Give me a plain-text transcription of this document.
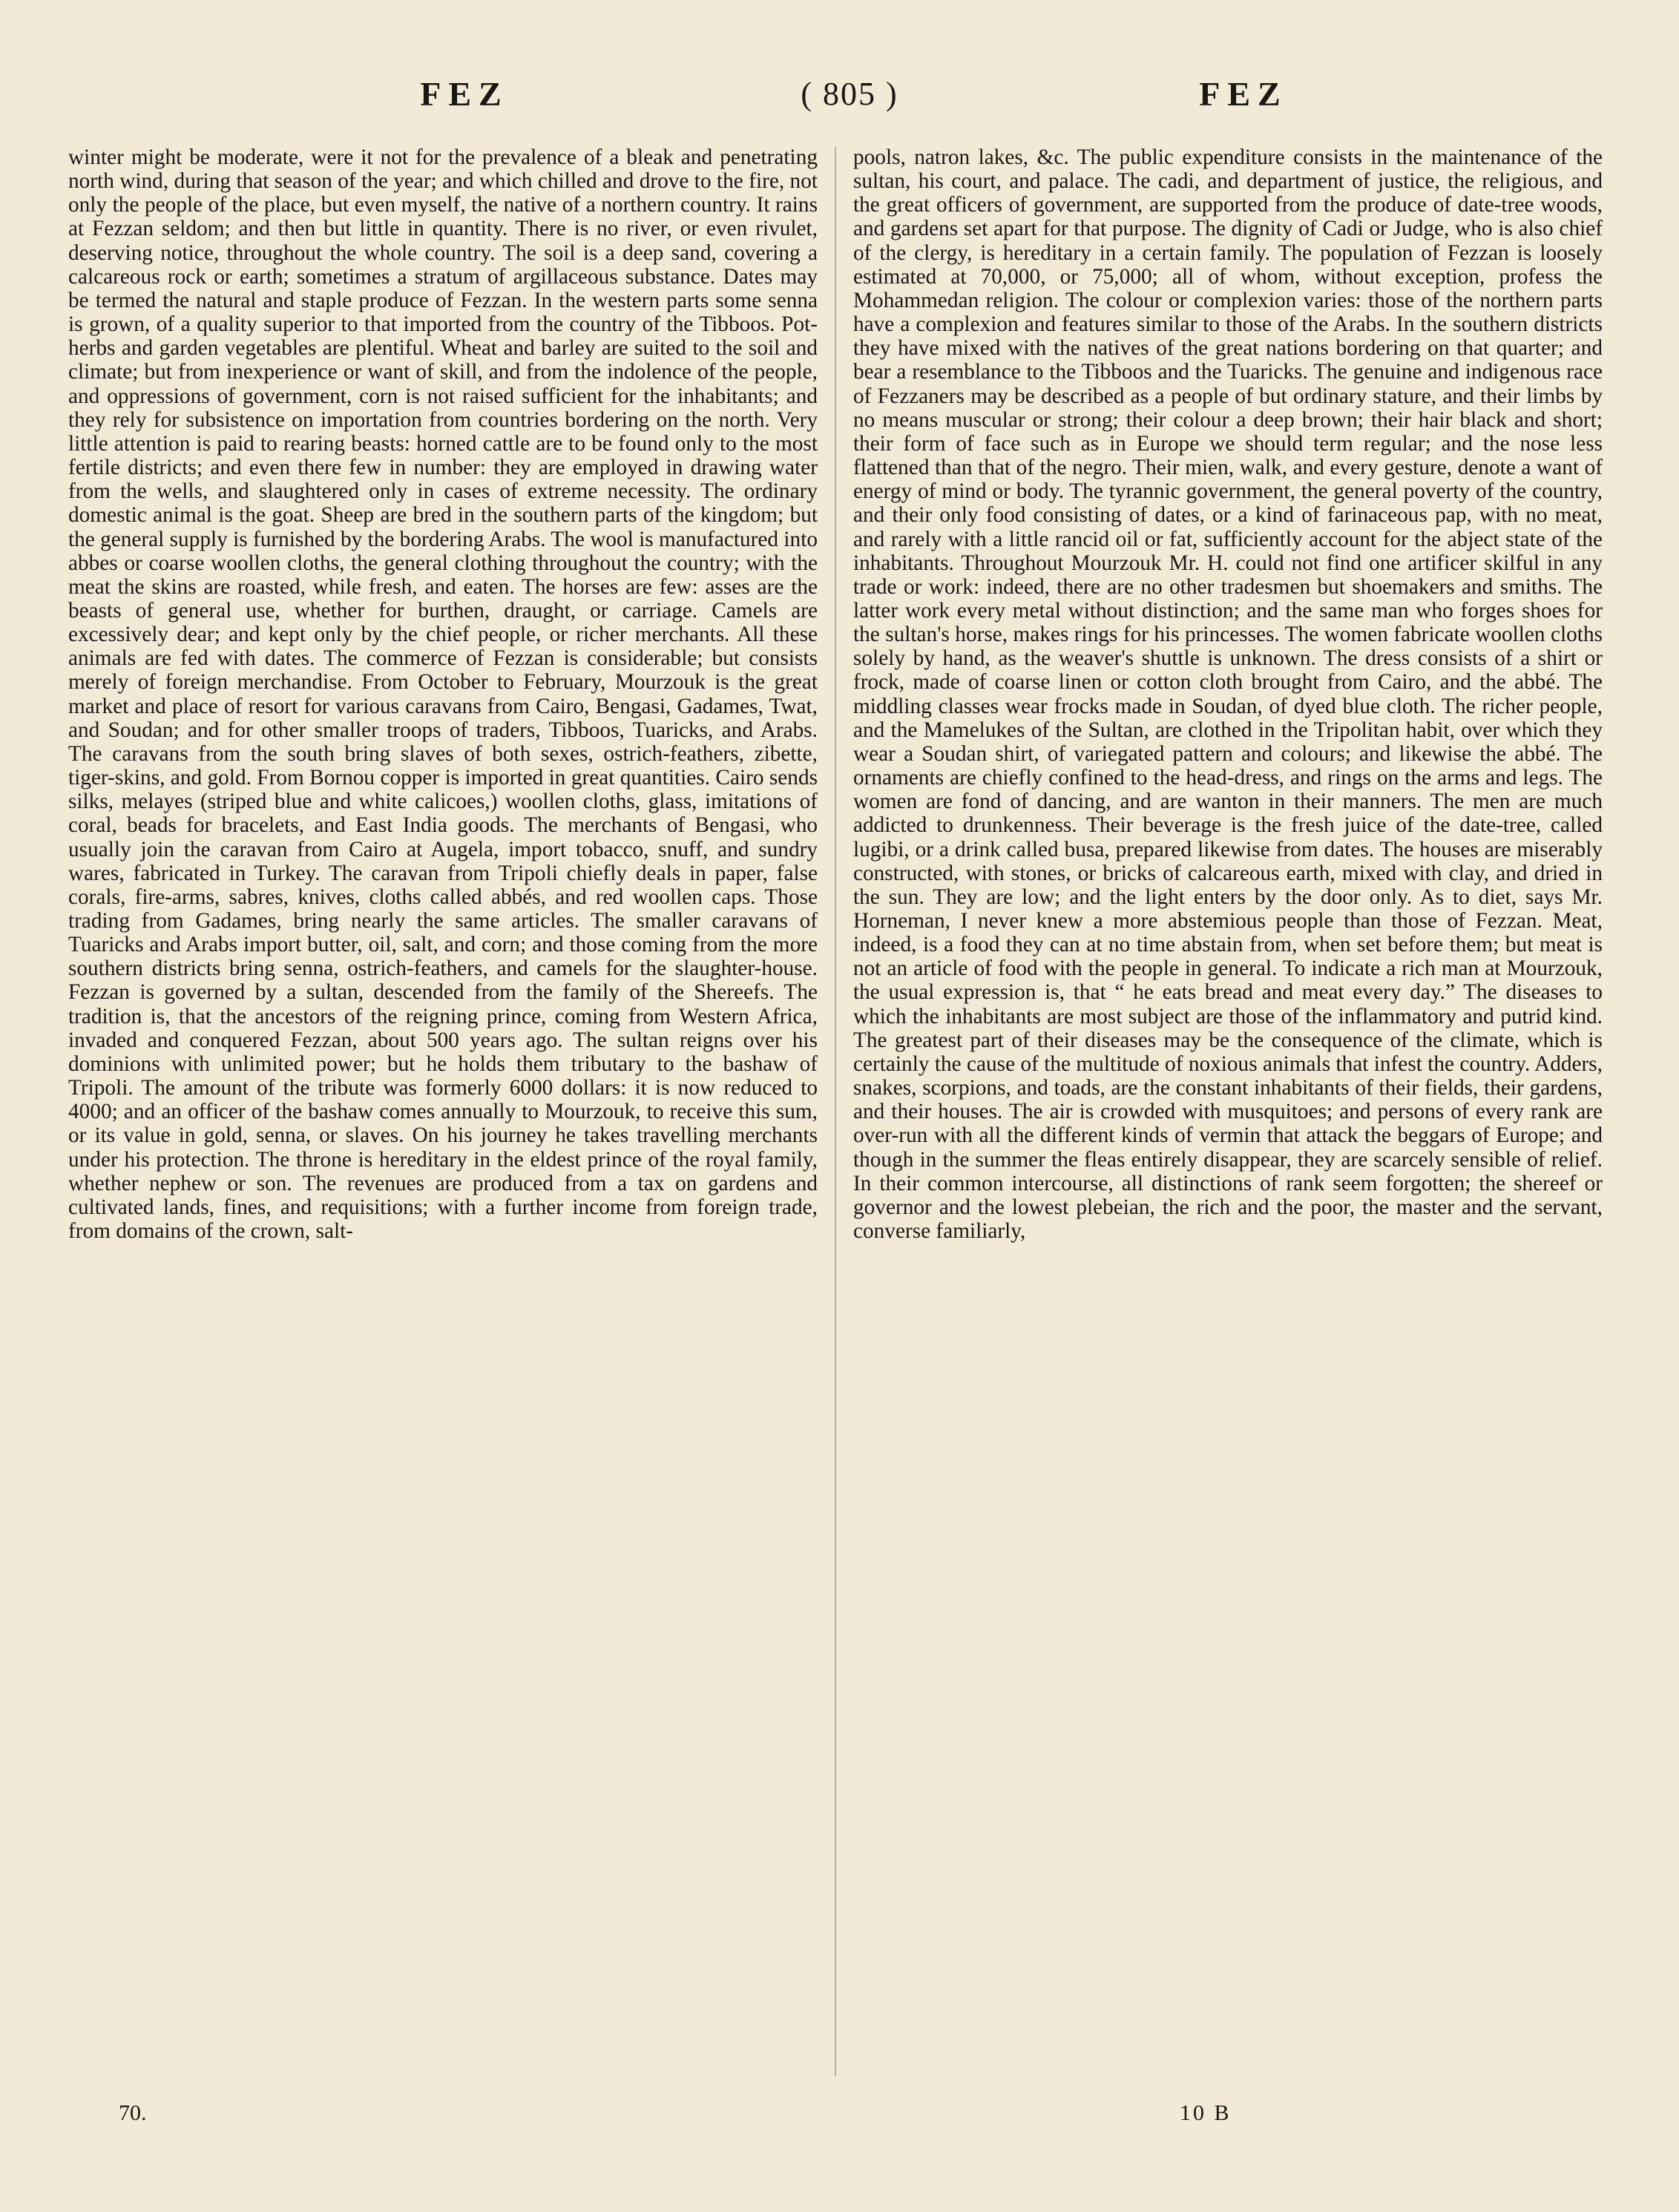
FEZ	( 805 )	FEZ

winter might be moderate, were it not for the prevalence of a bleak and penetrating north wind, during that season of the year; and which chilled and drove to the fire, not only the people of the place, but even myself, the native of a northern country. It rains at Fezzan seldom; and then but little in quantity. There is no river, or even rivulet, deserving notice, throughout the whole country. The soil is a deep sand, covering a calcareous rock or earth; sometimes a stratum of argillaceous substance. Dates may be termed the natural and staple produce of Fezzan. In the western parts some senna is grown, of a quality superior to that imported from the country of the Tibboos. Pot-herbs and garden vegetables are plentiful. Wheat and barley are suited to the soil and climate; but from inexperience or want of skill, and from the indolence of the people, and oppressions of government, corn is not raised sufficient for the inhabitants; and they rely for subsistence on importation from countries bordering on the north. Very little attention is paid to rearing beasts: horned cattle are to be found only to the most fertile districts; and even there few in number: they are employed in drawing water from the wells, and slaughtered only in cases of extreme necessity. The ordinary domestic animal is the goat. Sheep are bred in the southern parts of the kingdom; but the general supply is furnished by the bordering Arabs. The wool is manufactured into abbes or coarse woollen cloths, the general clothing throughout the country; with the meat the skins are roasted, while fresh, and eaten. The horses are few: asses are the beasts of general use, whether for burthen, draught, or carriage. Camels are excessively dear; and kept only by the chief people, or richer merchants. All these animals are fed with dates. The commerce of Fezzan is considerable; but consists merely of foreign merchandise. From October to February, Mourzouk is the great market and place of resort for various caravans from Cairo, Bengasi, Gadames, Twat, and Soudan; and for other smaller troops of traders, Tibboos, Tuaricks, and Arabs. The caravans from the south bring slaves of both sexes, ostrich-feathers, zibette, tiger-skins, and gold. From Bornou copper is imported in great quantities. Cairo sends silks, melayes (striped blue and white calicoes,) woollen cloths, glass, imitations of coral, beads for bracelets, and East India goods. The merchants of Bengasi, who usually join the caravan from Cairo at Augela, import tobacco, snuff, and sundry wares, fabricated in Turkey. The caravan from Tripoli chiefly deals in paper, false corals, fire-arms, sabres, knives, cloths called abbés, and red woollen caps. Those trading from Gadames, bring nearly the same articles. The smaller caravans of Tuaricks and Arabs import butter, oil, salt, and corn; and those coming from the more southern districts bring senna, ostrich-feathers, and camels for the slaughter-house. Fezzan is governed by a sultan, descended from the family of the Shereefs. The tradition is, that the ancestors of the reigning prince, coming from Western Africa, invaded and conquered Fezzan, about 500 years ago. The sultan reigns over his dominions with unlimited power; but he holds them tributary to the bashaw of Tripoli. The amount of the tribute was formerly 6000 dollars: it is now reduced to 4000; and an officer of the bashaw comes annually to Mourzouk, to receive this sum, or its value in gold, senna, or slaves. On his journey he takes travelling merchants under his protection. The throne is hereditary in the eldest prince of the royal family, whether nephew or son. The revenues are produced from a tax on gardens and cultivated lands, fines, and requisitions; with a further income from foreign trade, from domains of the crown, salt-

pools, natron lakes, &c. The public expenditure consists in the maintenance of the sultan, his court, and palace. The cadi, and department of justice, the religious, and the great officers of government, are supported from the produce of date-tree woods, and gardens set apart for that purpose. The dignity of Cadi or Judge, who is also chief of the clergy, is hereditary in a certain family. The population of Fezzan is loosely estimated at 70,000, or 75,000; all of whom, without exception, profess the Mohammedan religion. The colour or complexion varies: those of the northern parts have a complexion and features similar to those of the Arabs. In the southern districts they have mixed with the natives of the great nations bordering on that quarter; and bear a resemblance to the Tibboos and the Tuaricks. The genuine and indigenous race of Fezzaners may be described as a people of but ordinary stature, and their limbs by no means muscular or strong; their colour a deep brown; their hair black and short; their form of face such as in Europe we should term regular; and the nose less flattened than that of the negro. Their mien, walk, and every gesture, denote a want of energy of mind or body. The tyrannic government, the general poverty of the country, and their only food consisting of dates, or a kind of farinaceous pap, with no meat, and rarely with a little rancid oil or fat, sufficiently account for the abject state of the inhabitants. Throughout Mourzouk Mr. H. could not find one artificer skilful in any trade or work: indeed, there are no other tradesmen but shoemakers and smiths. The latter work every metal without distinction; and the same man who forges shoes for the sultan's horse, makes rings for his princesses. The women fabricate woollen cloths solely by hand, as the weaver's shuttle is unknown. The dress consists of a shirt or frock, made of coarse linen or cotton cloth brought from Cairo, and the abbé. The middling classes wear frocks made in Soudan, of dyed blue cloth. The richer people, and the Mamelukes of the Sultan, are clothed in the Tripolitan habit, over which they wear a Soudan shirt, of variegated pattern and colours; and likewise the abbé. The ornaments are chiefly confined to the head-dress, and rings on the arms and legs. The women are fond of dancing, and are wanton in their manners. The men are much addicted to drunkenness. Their beverage is the fresh juice of the date-tree, called lugibi, or a drink called busa, prepared likewise from dates. The houses are miserably constructed, with stones, or bricks of calcareous earth, mixed with clay, and dried in the sun. They are low; and the light enters by the door only. As to diet, says Mr. Horneman, I never knew a more abstemious people than those of Fezzan. Meat, indeed, is a food they can at no time abstain from, when set before them; but meat is not an article of food with the people in general. To indicate a rich man at Mourzouk, the usual expression is, that “ he eats bread and meat every day.” The diseases to which the inhabitants are most subject are those of the inflammatory and putrid kind. The greatest part of their diseases may be the consequence of the climate, which is certainly the cause of the multitude of noxious animals that infest the country. Adders, snakes, scorpions, and toads, are the constant inhabitants of their fields, their gardens, and their houses. The air is crowded with musquitoes; and persons of every rank are over-run with all the different kinds of vermin that attack the beggars of Europe; and though in the summer the fleas entirely disappear, they are scarcely sensible of relief. In their common intercourse, all distinctions of rank seem forgotten; the shereef or governor and the lowest plebeian, the rich and the poor, the master and the servant, converse familiarly,

70.	10 B
